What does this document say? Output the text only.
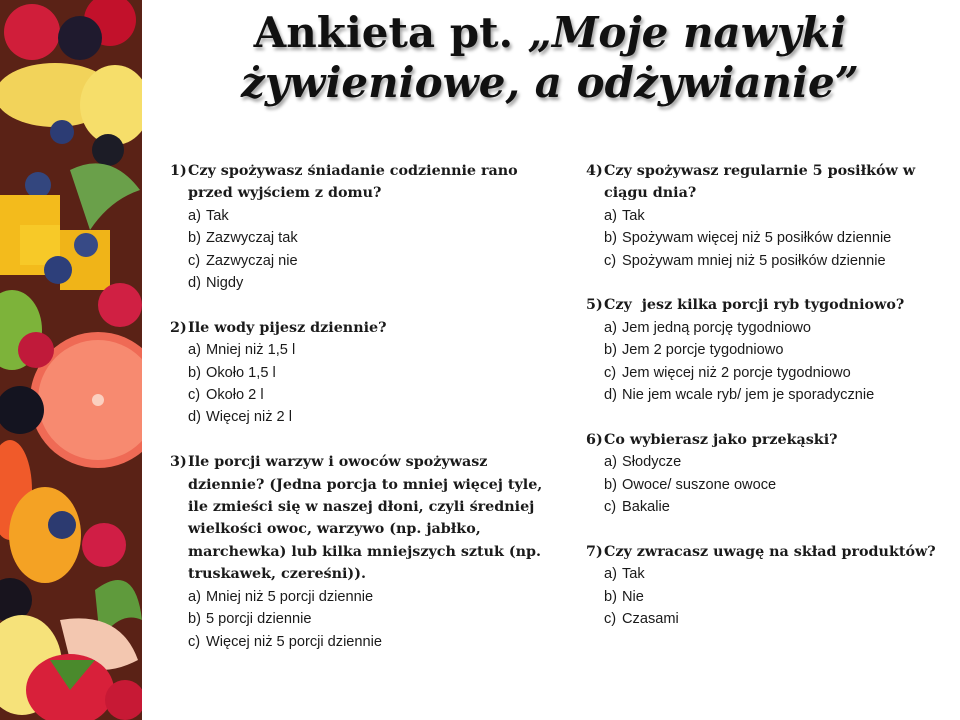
Ankieta pt. „Moje nawyki
żywieniowe, a odżywianie”
1) Czy spożywasz śniadanie codziennie rano przed wyjściem z domu?
a) Tak
b) Zazwyczaj tak
c) Zazwyczaj nie
d) Nigdy
2) Ile wody pijesz dziennie?
a) Mniej niż 1,5 l
b) Około 1,5 l
c) Około 2 l
d) Więcej niż 2 l
3) Ile porcji warzyw i owoców spożywasz dziennie? (Jedna porcja to mniej więcej tyle, ile zmieści się w naszej dłoni, czyli średniej wielkości owoc, warzywo (np. jabłko, marchewka) lub kilka mniejszych sztuk (np. truskawek, czereśni)).
a) Mniej niż 5 porcji dziennie
b) 5 porcji dziennie
c) Więcej niż 5 porcji dziennie
4) Czy spożywasz regularnie 5 posiłków w ciągu dnia?
a) Tak
b) Spożywam więcej niż 5 posiłków dziennie
c) Spożywam mniej niż 5 posiłków dziennie
5) Czy  jesz kilka porcji ryb tygodniowo?
a) Jem jedną porcję tygodniowo
b) Jem 2 porcje tygodniowo
c) Jem więcej niż 2 porcje tygodniowo
d) Nie jem wcale ryb/ jem je sporadycznie
6) Co wybierasz jako przekąski?
a) Słodycze
b) Owoce/ suszone owoce
c) Bakalie
7) Czy zwracasz uwagę na skład produktów?
a) Tak
b) Nie
c) Czasami
